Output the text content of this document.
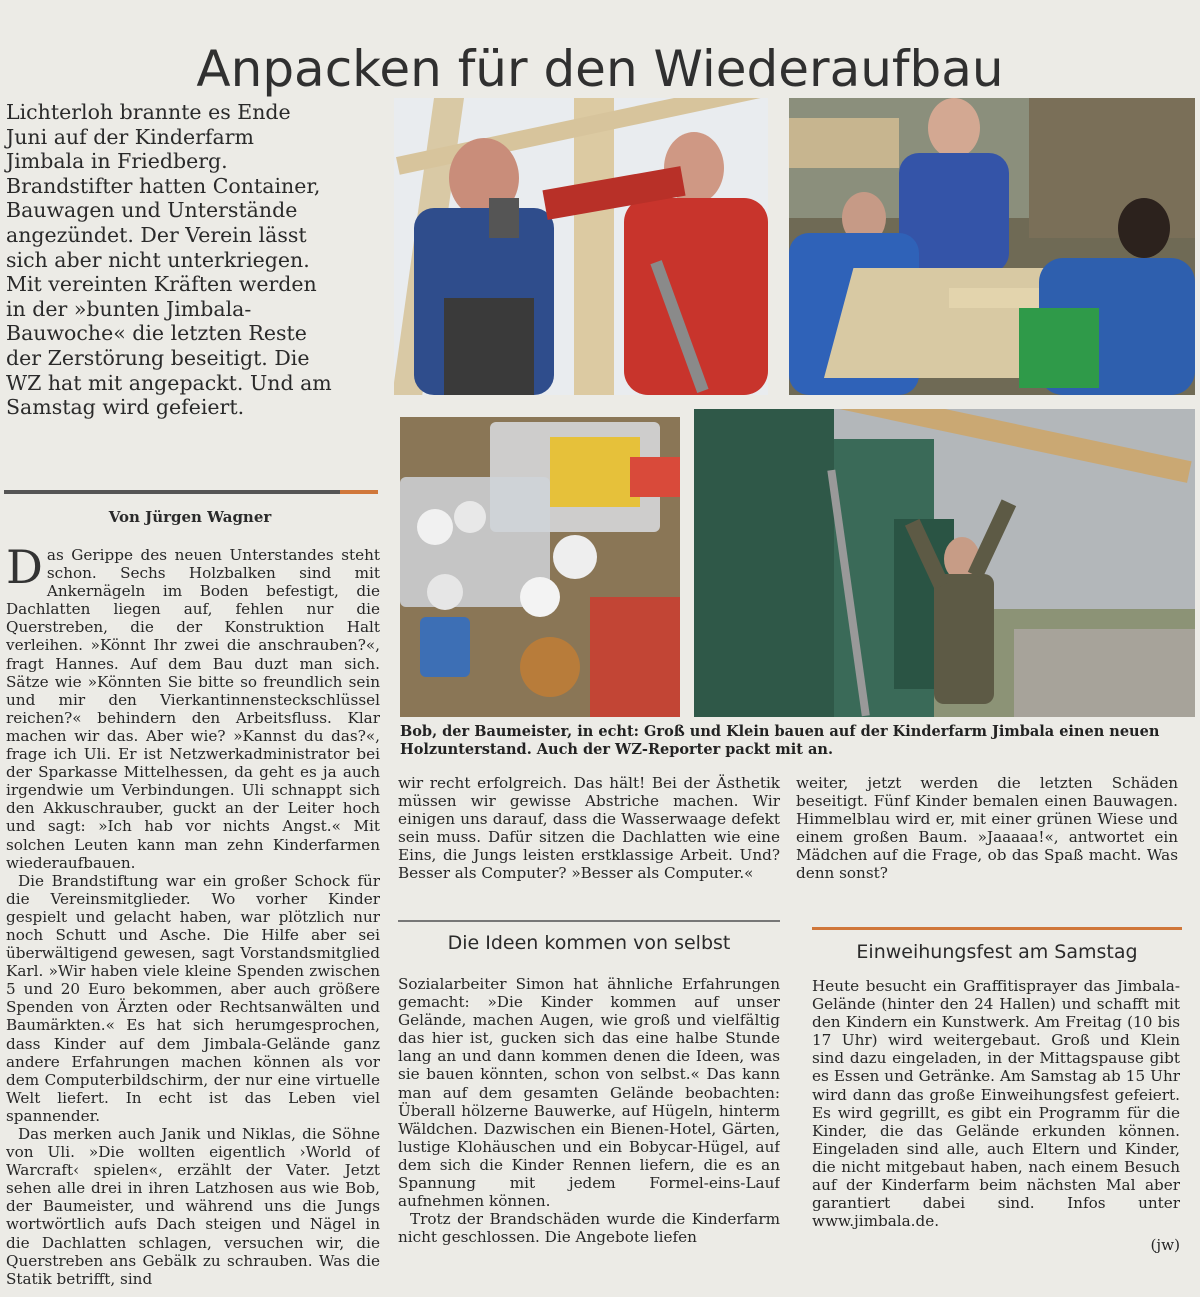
Anpacken für den Wiederaufbau

Lichterloh brannte es Ende Juni auf der Kinderfarm Jimbala in Friedberg. Brandstifter hatten Container, Bauwagen und Unterstände angezündet. Der Verein lässt sich aber nicht unterkriegen. Mit vereinten Kräften werden in der »bunten Jimbala-Bauwoche« die letzten Reste der Zerstörung beseitigt. Die WZ hat mit angepackt. Und am Samstag wird gefeiert.

Von Jürgen Wagner

Das Gerippe des neuen Unterstandes steht schon. Sechs Holzbalken sind mit Ankernägeln im Boden befestigt, die Dachlatten liegen auf, fehlen nur die Querstreben, die der Konstruktion Halt verleihen. »Könnt Ihr zwei die anschrauben?«, fragt Hannes. Auf dem Bau duzt man sich. Sätze wie »Könnten Sie bitte so freundlich sein und mir den Vierkantinnensteckschlüssel reichen?« behindern den Arbeitsfluss. Klar machen wir das. Aber wie? »Kannst du das?«, frage ich Uli. Er ist Netzwerkadministrator bei der Sparkasse Mittelhessen, da geht es ja auch irgendwie um Verbindungen. Uli schnappt sich den Akkuschrauber, guckt an der Leiter hoch und sagt: »Ich hab vor nichts Angst.« Mit solchen Leuten kann man zehn Kinderfarmen wiederaufbauen.

Die Brandstiftung war ein großer Schock für die Vereinsmitglieder. Wo vorher Kinder gespielt und gelacht haben, war plötzlich nur noch Schutt und Asche. Die Hilfe aber sei überwältigend gewesen, sagt Vorstandsmitglied Karl. »Wir haben viele kleine Spenden zwischen 5 und 20 Euro bekommen, aber auch größere Spenden von Ärzten oder Rechtsanwälten und Baumärkten.« Es hat sich herumgesprochen, dass Kinder auf dem Jimbala-Gelände ganz andere Erfahrungen machen können als vor dem Computerbildschirm, der nur eine virtuelle Welt liefert. In echt ist das Leben viel spannender.

Das merken auch Janik und Niklas, die Söhne von Uli. »Die wollten eigentlich ›World of Warcraft‹ spielen«, erzählt der Vater. Jetzt sehen alle drei in ihren Latzhosen aus wie Bob, der Baumeister, und während uns die Jungs wortwörtlich aufs Dach steigen und Nägel in die Dachlatten schlagen, versuchen wir, die Querstreben ans Gebälk zu schrauben. Was die Statik betrifft, sind

Bob, der Baumeister, in echt: Groß und Klein bauen auf der Kinderfarm Jimbala einen neuen Holzunterstand. Auch der WZ-Reporter packt mit an.

wir recht erfolgreich. Das hält! Bei der Ästhetik müssen wir gewisse Abstriche machen. Wir einigen uns darauf, dass die Wasserwaage defekt sein muss. Dafür sitzen die Dachlatten wie eine Eins, die Jungs leisten erstklassige Arbeit. Und? Besser als Computer? »Besser als Computer.«

Die Ideen kommen von selbst

Sozialarbeiter Simon hat ähnliche Erfahrungen gemacht: »Die Kinder kommen auf unser Gelände, machen Augen, wie groß und vielfältig das hier ist, gucken sich das eine halbe Stunde lang an und dann kommen denen die Ideen, was sie bauen könnten, schon von selbst.« Das kann man auf dem gesamten Gelände beobachten: Überall hölzerne Bauwerke, auf Hügeln, hinterm Wäldchen. Dazwischen ein Bienen-Hotel, Gärten, lustige Klohäuschen und ein Bobycar-Hügel, auf dem sich die Kinder Rennen liefern, die es an Spannung mit jedem Formel-eins-Lauf aufnehmen können.

Trotz der Brandschäden wurde die Kinderfarm nicht geschlossen. Die Angebote liefen

weiter, jetzt werden die letzten Schäden beseitigt. Fünf Kinder bemalen einen Bauwagen. Himmelblau wird er, mit einer grünen Wiese und einem großen Baum. »Jaaaaa!«, antwortet ein Mädchen auf die Frage, ob das Spaß macht. Was denn sonst?

Einweihungsfest am Samstag

Heute besucht ein Graffitisprayer das Jimbala-Gelände (hinter den 24 Hallen) und schafft mit den Kindern ein Kunstwerk. Am Freitag (10 bis 17 Uhr) wird weitergebaut. Groß und Klein sind dazu eingeladen, in der Mittagspause gibt es Essen und Getränke. Am Samstag ab 15 Uhr wird dann das große Einweihungsfest gefeiert. Es wird gegrillt, es gibt ein Programm für die Kinder, die das Gelände erkunden können. Eingeladen sind alle, auch Eltern und Kinder, die nicht mitgebaut haben, nach einem Besuch auf der Kinderfarm beim nächsten Mal aber garantiert dabei sind. Infos unter www.jimbala.de.

(jw)
